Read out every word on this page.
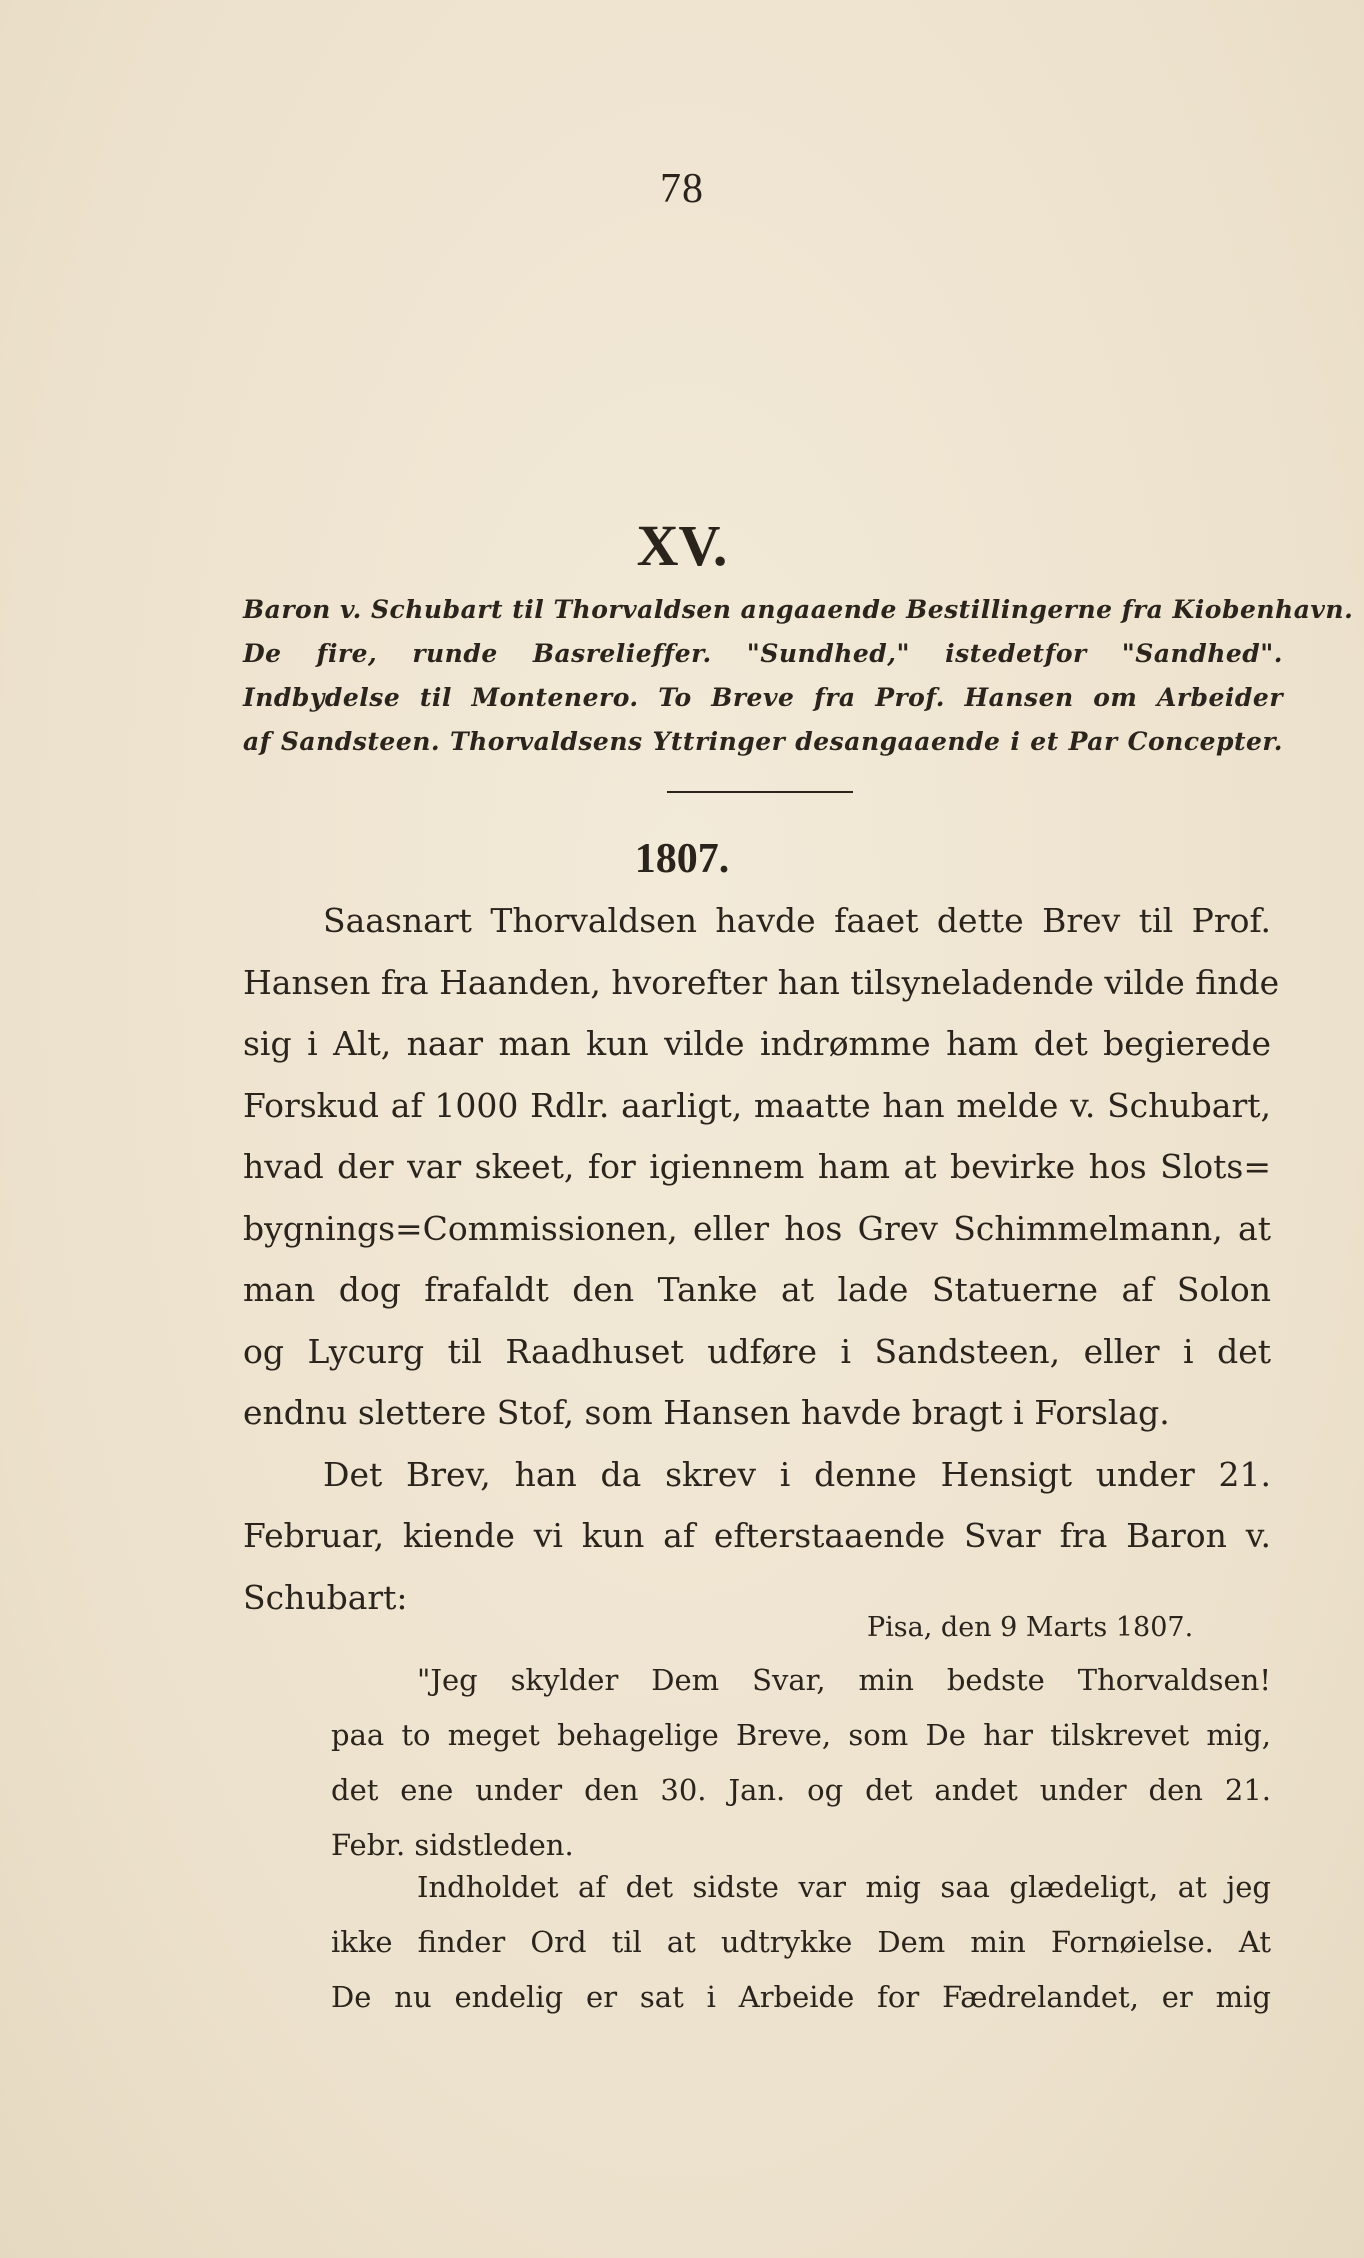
78
XV.
Baron v. Schubart til Thorvaldsen angaaende Bestillingerne fra Kiobenhavn.
De fire, runde Basrelieffer. "Sundhed," istedetfor "Sandhed".
Indbydelse til Montenero. To Breve fra Prof. Hansen om Arbeider
af Sandsteen. Thorvaldsens Yttringer desangaaende i et Par Concepter.
1807.
Saasnart Thorvaldsen havde faaet dette Brev til Prof.
Hansen fra Haanden, hvorefter han tilsyneladende vilde finde
sig i Alt, naar man kun vilde indrømme ham det begierede
Forskud af 1000 Rdlr. aarligt, maatte han melde v. Schubart,
hvad der var skeet, for igiennem ham at bevirke hos Slots=
bygnings=Commissionen, eller hos Grev Schimmelmann, at
man dog frafaldt den Tanke at lade Statuerne af Solon
og Lycurg til Raadhuset udføre i Sandsteen, eller i det
endnu slettere Stof, som Hansen havde bragt i Forslag.
Det Brev, han da skrev i denne Hensigt under 21.
Februar, kiende vi kun af efterstaaende Svar fra Baron v.
Schubart:
Pisa, den 9 Marts 1807.
"Jeg skylder Dem Svar, min bedste Thorvaldsen!
paa to meget behagelige Breve, som De har tilskrevet mig,
det ene under den 30. Jan. og det andet under den 21.
Febr. sidstleden.
Indholdet af det sidste var mig saa glædeligt, at jeg
ikke finder Ord til at udtrykke Dem min Fornøielse. At
De nu endelig er sat i Arbeide for Fædrelandet, er mig
